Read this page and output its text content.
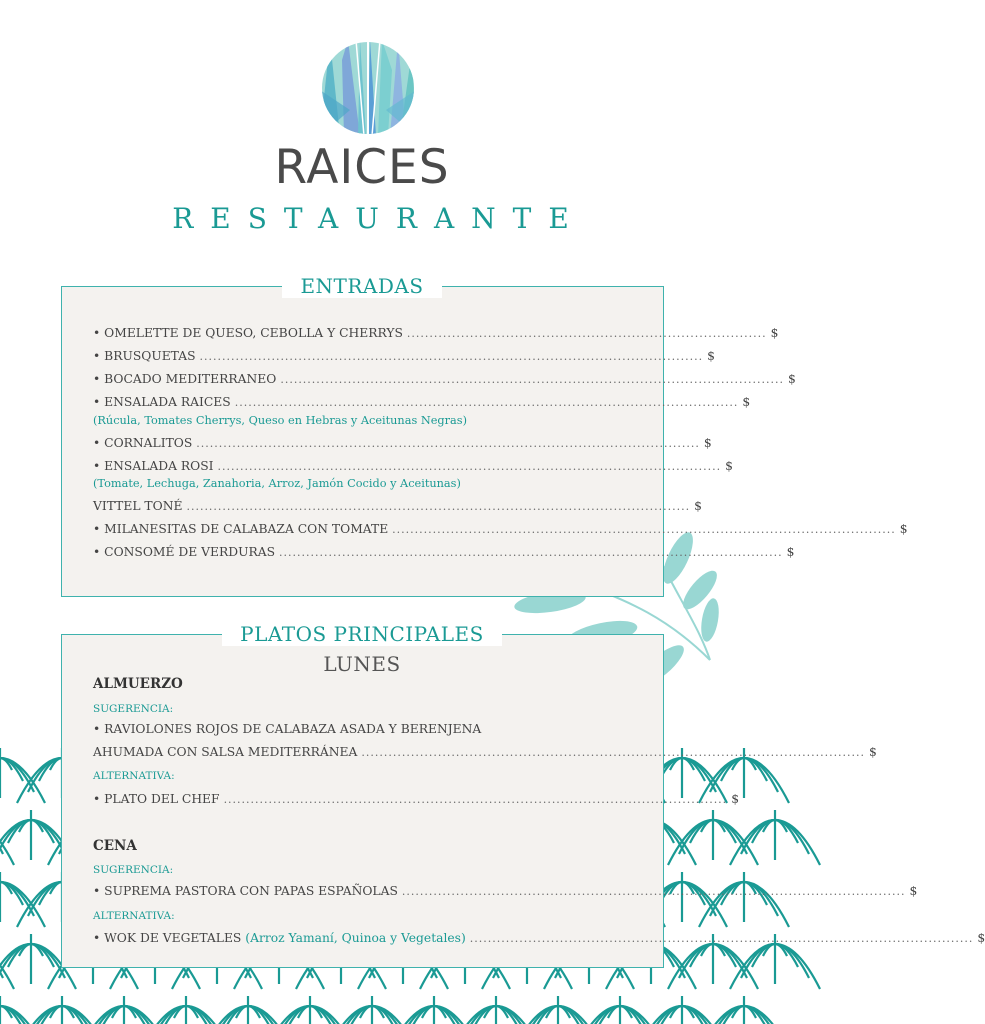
RAICES
RESTAURANTE
ENTRADAS
• OMELETTE DE QUESO, CEBOLLA Y CHERRYS ................................................................................ $
• BRUSQUETAS ................................................................................................................ $
• BOCADO MEDITERRANEO ................................................................................................................ $
• ENSALADA RAICES ................................................................................................................ $
(Rúcula, Tomates Cherrys, Queso en Hebras y Aceitunas Negras)
• CORNALITOS ................................................................................................................ $
• ENSALADA ROSI ................................................................................................................ $
(Tomate, Lechuga, Zanahoria, Arroz, Jamón Cocido y Aceitunas)
VITTEL TONÉ ................................................................................................................ $
• MILANESITAS DE CALABAZA CON TOMATE ................................................................................................................ $
• CONSOMÉ DE VERDURAS ................................................................................................................ $
PLATOS PRINCIPALES
LUNES
ALMUERZO
SUGERENCIA:
• RAVIOLONES ROJOS DE CALABAZA ASADA Y BERENJENA
AHUMADA CON SALSA MEDITERRÁNEA ................................................................................................................ $
ALTERNATIVA:
• PLATO DEL CHEF ................................................................................................................ $
CENA
SUGERENCIA:
• SUPREMA PASTORA CON PAPAS ESPAÑOLAS ................................................................................................................ $
ALTERNATIVA:
• WOK DE VEGETALES
(Arroz Yamaní, Quinoa y Vegetales) ................................................................................................................ $
